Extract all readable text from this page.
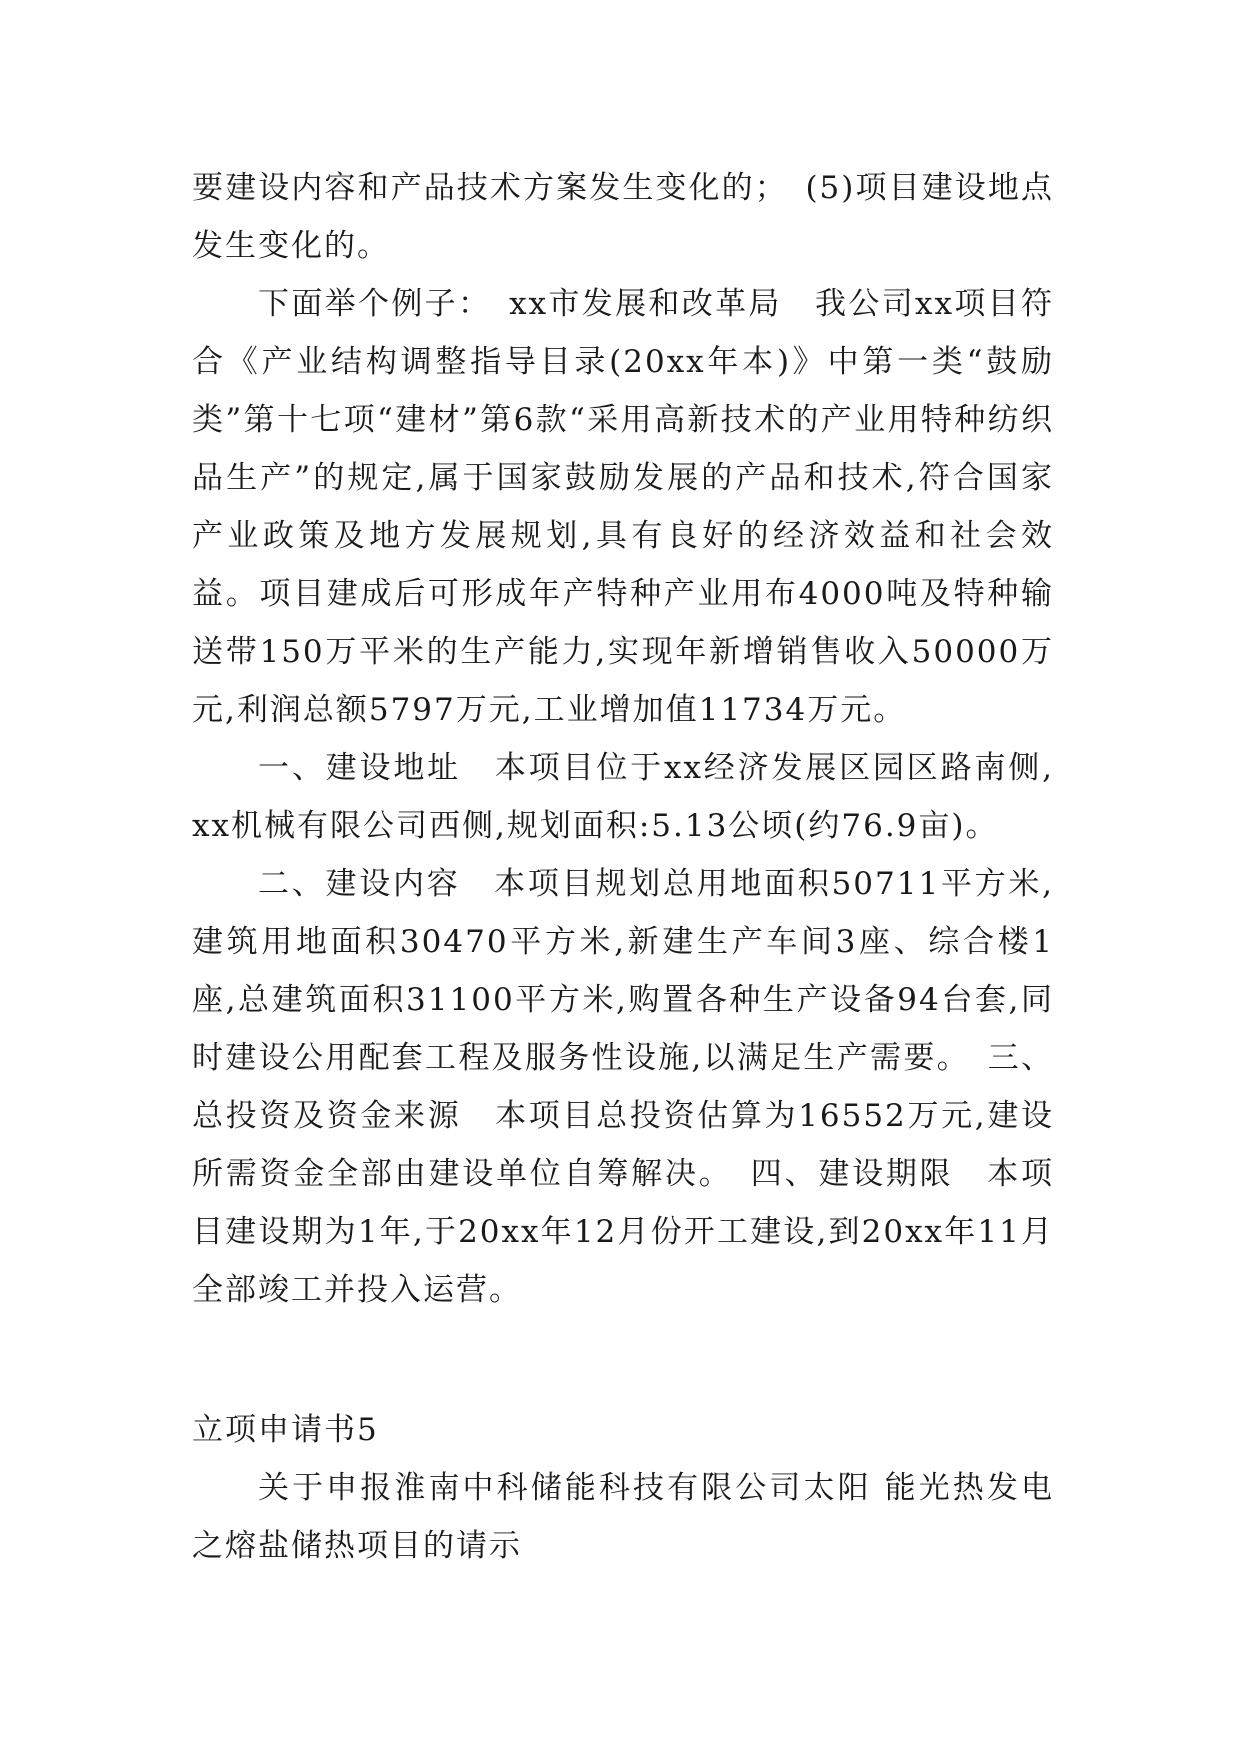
要建设内容和产品技术方案发生变化的；　(5)项目建设地点发生变化的。

下面举个例子：　xx市发展和改革局　我公司xx项目符合《产业结构调整指导目录(20xx年本)》中第一类“鼓励类”第十七项“建材”第6款“采用高新技术的产业用特种纺织品生产”的规定,属于国家鼓励发展的产品和技术,符合国家产业政策及地方发展规划,具有良好的经济效益和社会效益。项目建成后可形成年产特种产业用布4000吨及特种输送带150万平米的生产能力,实现年新增销售收入50000万元,利润总额5797万元,工业增加值11734万元。

一、建设地址　本项目位于xx经济发展区园区路南侧,xx机械有限公司西侧,规划面积:5.13公顷(约76.9亩)。

二、建设内容　本项目规划总用地面积50711平方米,建筑用地面积30470平方米,新建生产车间3座、综合楼1座,总建筑面积31100平方米,购置各种生产设备94台套,同时建设公用配套工程及服务性设施,以满足生产需要。　三、总投资及资金来源　本项目总投资估算为16552万元,建设所需资金全部由建设单位自筹解决。　四、建设期限　本项目建设期为1年,于20xx年12月份开工建设,到20xx年11月全部竣工并投入运营。

立项申请书5

关于申报淮南中科储能科技有限公司太阳 能光热发电之熔盐储热项目的请示
